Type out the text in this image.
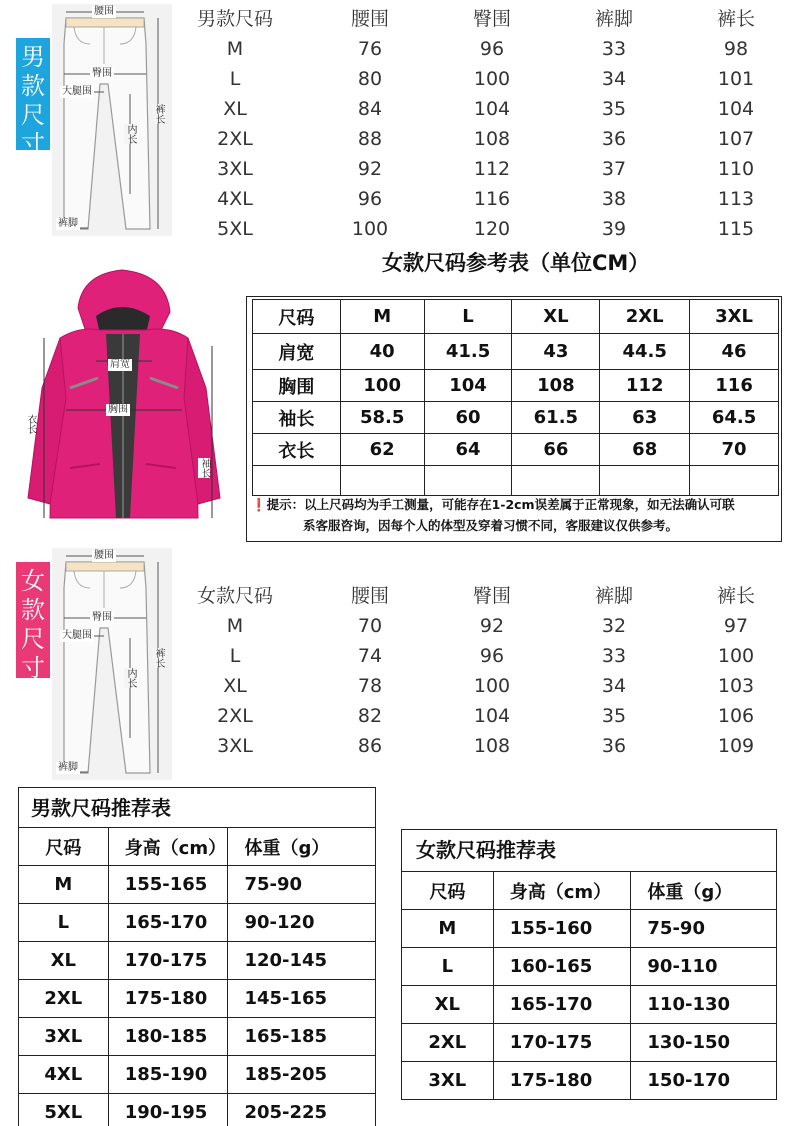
男款尺寸
腰围
臀围
大腿围
内长
裤长
裤脚
男款尺码	腰围	臀围	裤脚	裤长
M	76	96	33	98
L	80	100	34	101
XL	84	104	35	104
2XL	88	108	36	107
3XL	92	112	37	110
4XL	96	116	38	113
5XL	100	120	39	115
女款尺码参考表（单位CM）
肩宽
胸围
衣长
袖长
尺码	M	L	XL	2XL	3XL
肩宽	40	41.5	43	44.5	46
胸围	100	104	108	112	116
袖长	58.5	60	61.5	63	64.5
衣长	62	64	66	68	70

❗提示：以上尺码均为手工测量，可能存在1-2cm误差属于正常现象，如无法确认可联
系客服咨询，因每个人的体型及穿着习惯不同，客服建议仅供参考。
女款尺寸
腰围
臀围
大腿围
内长
裤长
裤脚
女款尺码	腰围	臀围	裤脚	裤长
M	70	92	32	97
L	74	96	33	100
XL	78	100	34	103
2XL	82	104	35	106
3XL	86	108	36	109
男款尺码推荐表
尺码	身高（cm）	体重（g）
M	155-165	75-90
L	165-170	90-120
XL	170-175	120-145
2XL	175-180	145-165
3XL	180-185	165-185
4XL	185-190	185-205
5XL	190-195	205-225
女款尺码推荐表
尺码	身高（cm）	体重（g）
M	155-160	75-90
L	160-165	90-110
XL	165-170	110-130
2XL	170-175	130-150
3XL	175-180	150-170
